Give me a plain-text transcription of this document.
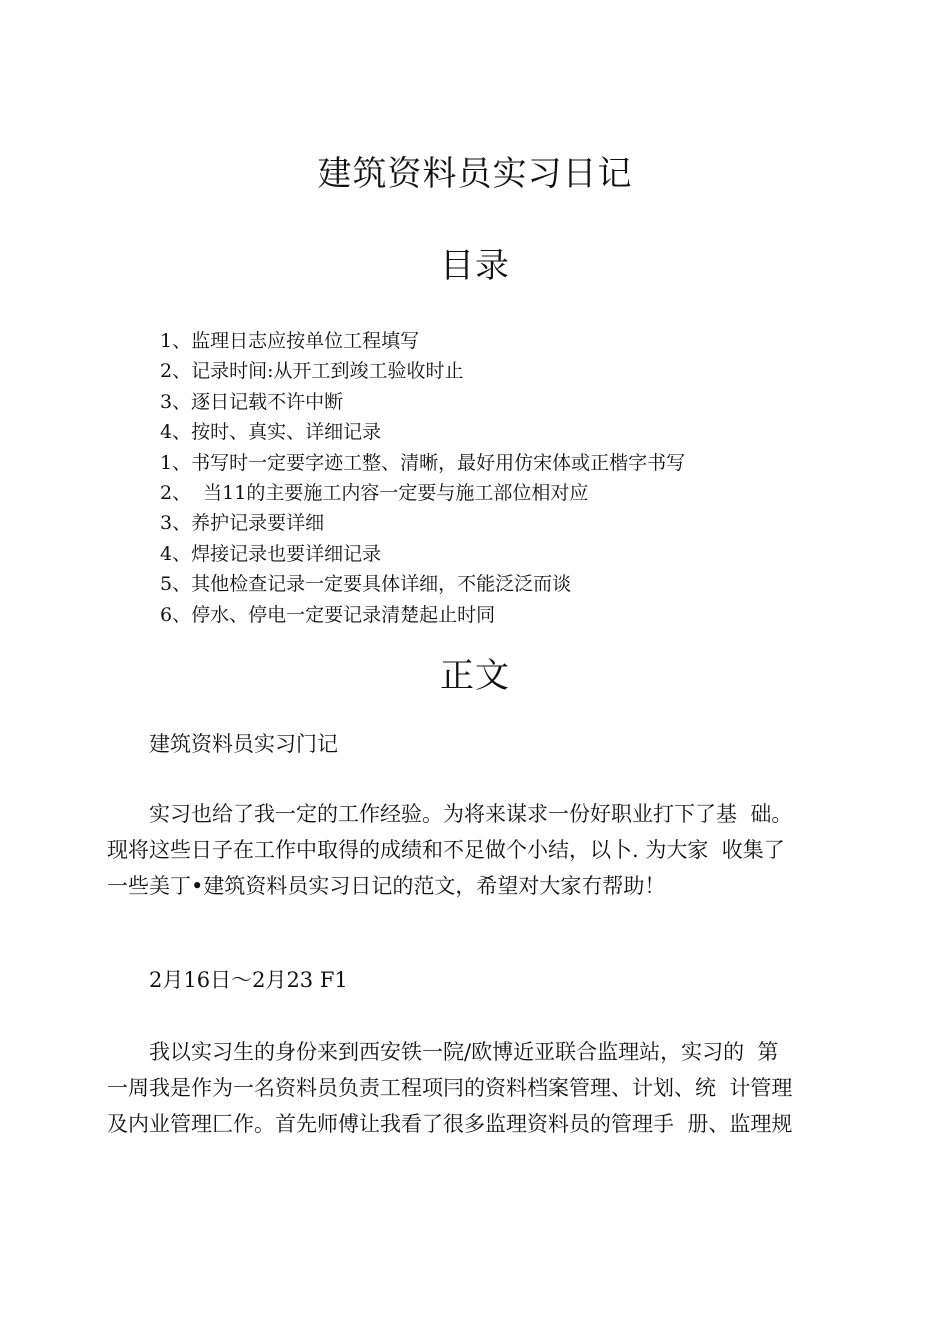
建筑资料员实习日记
目录
1、监理日志应按单位工程填写
2、记录时间:从开工到竣工验收时止
3、逐日记载不许中断
4、按时、真实、详细记录
1、书写时一定要字迹工整、清晰，最好用仿宋体或正楷字书写
2、  当11的主要施工内容一定要与施工部位相对应
3、养护记录要详细
4、焊接记录也要详细记录
5、其他检查记录一定要具体详细，不能泛泛而谈
6、停水、停电一定要记录清楚起止时同
正文

建筑资料员实习门记

实习也给了我一定的工作经验。为将来谋求一份好职业打下了基  础。
现将这些日子在工作中取得的成绩和不足做个小结，以卜. 为大家  收集了
一些美丁•建筑资料员实习日记的范文，希望对大家冇帮助！

2月16日〜2月23 F1

我以实习生的身份来到西安铁一院/欧博近亚联合监理站，实习的  第
一周我是作为一名资料员负责工程项冃的资料档案管理、计划、统  计管理
及内业管理匚作。首先师傅让我看了很多监理资料员的管理手  册、监理规
